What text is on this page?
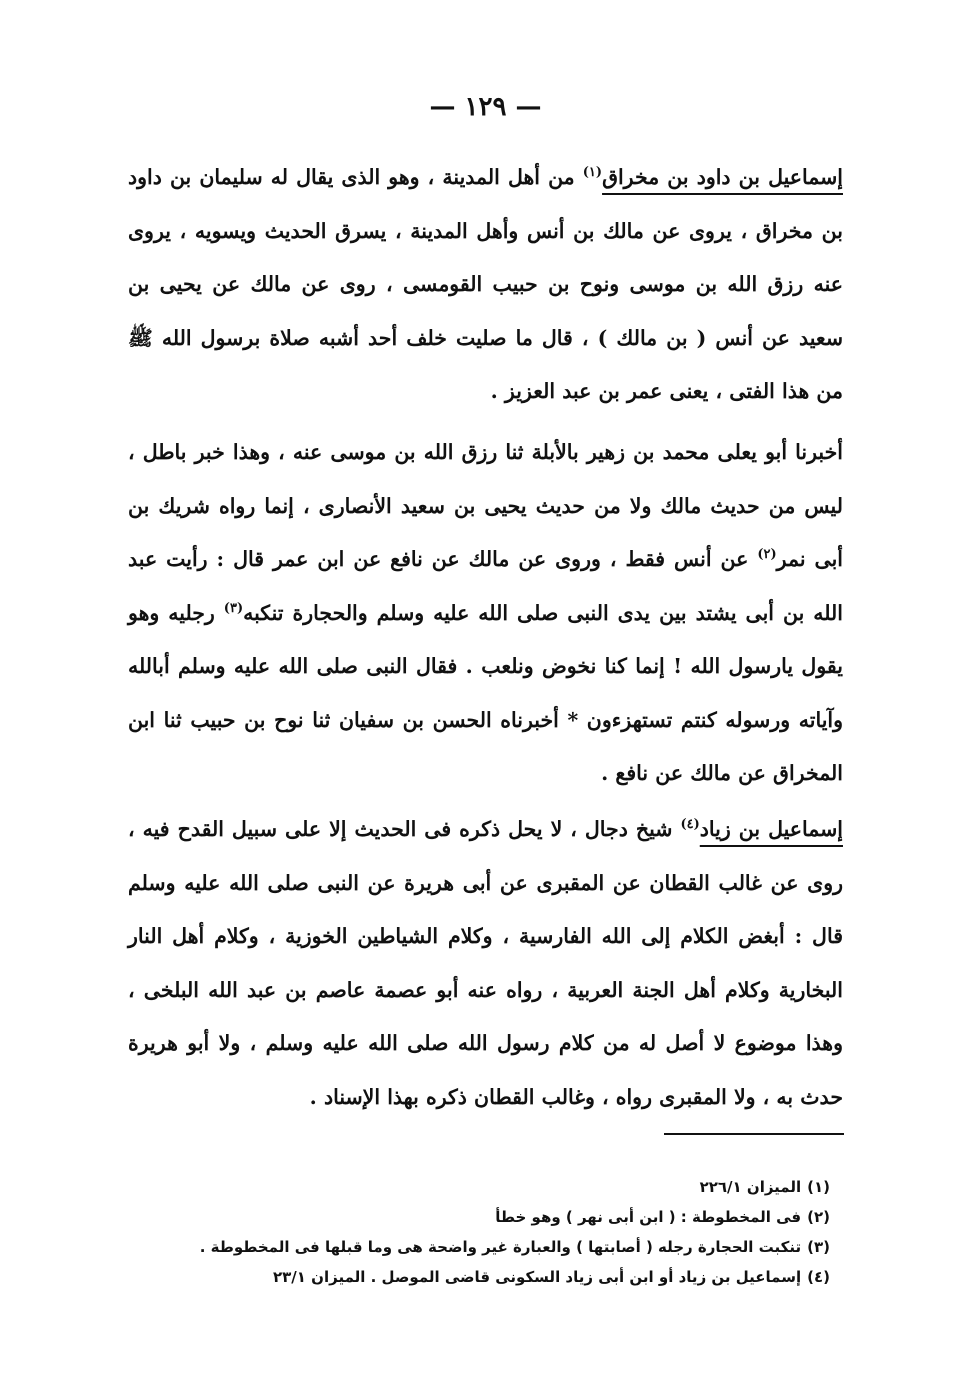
— ١٢٩ —

إسماعيل بن داود بن مخراق$^{(١)}$ من أهل المدينة ، وهو الذى يقال له سليمان بن داود بن مخراق ، يروى عن مالك بن أنس وأهل المدينة ، يسرق الحديث ويسويه ، يروى عنه رزق الله بن موسى ونوح بن حبيب القومسى ، روى عن مالك عن يحيى بن سعيد عن أنس ( بن مالك ) ، قال ما صليت خلف أحد أشبه صلاة برسول الله ﷺ من هذا الفتى ، يعنى عمر بن عبد العزيز .

أخبرنا أبو يعلى محمد بن زهير بالأبلة ثنا رزق الله بن موسى عنه ، وهذا خبر باطل ، ليس من حديث مالك ولا من حديث يحيى بن سعيد الأنصارى ، إنما رواه شريك بن أبى نمر$^{(٢)}$ عن أنس فقط ، وروى عن مالك عن نافع عن ابن عمر قال : رأيت عبد الله بن أبى يشتد بين يدى النبى صلى الله عليه وسلم والحجارة تنكبه$^{(٣)}$ رجليه وهو يقول يارسول الله ! إنما كنا نخوض ونلعب . فقال النبى صلى الله عليه وسلم أبالله وآياته ورسوله كنتم تستهزءون * أخبرناه الحسن بن سفيان ثنا نوح بن حبيب ثنا ابن المخراق عن مالك عن نافع .

إسماعيل بن زياد$^{(٤)}$ شيخ دجال ، لا يحل ذكره فى الحديث إلا على سبيل القدح فيه ، روى عن غالب القطان عن المقبرى عن أبى هريرة عن النبى صلى الله عليه وسلم قال : أبغض الكلام إلى الله الفارسية ، وكلام الشياطين الخوزية ، وكلام أهل النار البخارية وكلام أهل الجنة العربية ، رواه عنه أبو عصمة عاصم بن عبد الله البلخى ، وهذا موضوع لا أصل له من كلام رسول الله صلى الله عليه وسلم ، ولا أبو هريرة حدث به ، ولا المقبرى رواه ، وغالب القطان ذكره بهذا الإسناد .

(١)الميزان ٢٢٦/١
(٢)فى المخطوطة : ( ابن أبى نهر ) وهو خطأ
(٣)تنكبت الحجارة رجله ( أصابتها ) والعبارة غير واضحة هى وما قبلها فى المخطوطة .
(٤)إسماعيل بن زياد أو ابن أبى زياد السكونى قاضى الموصل . الميزان ٢٣/١
